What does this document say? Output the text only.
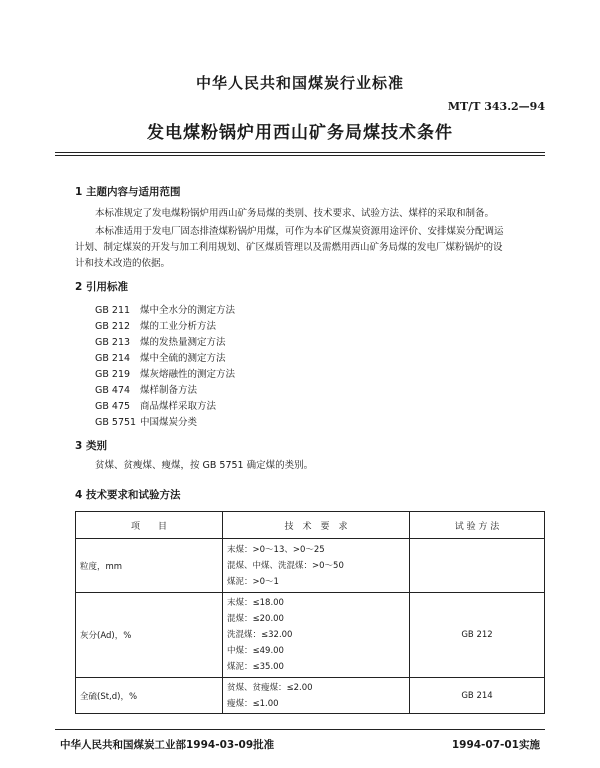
中华人民共和国煤炭行业标准
MT/T 343.2—94
发电煤粉锅炉用西山矿务局煤技术条件
1 主题内容与适用范围
本标准规定了发电煤粉锅炉用西山矿务局煤的类别、技术要求、试验方法、煤样的采取和制备。
本标准适用于发电厂固态排渣煤粉锅炉用煤，可作为本矿区煤炭资源用途评价、安排煤炭分配调运
计划、制定煤炭的开发与加工利用规划、矿区煤质管理以及需燃用西山矿务局煤的发电厂煤粉锅炉的设
计和技术改造的依据。
2 引用标准
GB 211 煤中全水分的测定方法
GB 212 煤的工业分析方法
GB 213 煤的发热量测定方法
GB 214 煤中全硫的测定方法
GB 219 煤灰熔融性的测定方法
GB 474 煤样制备方法
GB 475 商品煤样采取方法
GB 5751 中国煤炭分类
3 类别
贫煤、贫瘦煤、瘦煤，按 GB 5751 确定煤的类别。
4 技术要求和试验方法
项　　目	技　术　要　求	试 验 方 法
粒度，mm	末煤：>0～13、>0～25
混煤、中煤、洗混煤：>0～50
煤泥：>0～1	

灰分(Ad)，%	末煤：≤18.00
混煤：≤20.00
洗混煤：≤32.00
中煤：≤49.00
煤泥：≤35.00	GB 212
全硫(St,d)，%	贫煤、贫瘦煤：≤2.00
瘦煤：≤1.00	GB 214
中华人民共和国煤炭工业部1994-03-09批准	1994-07-01实施
